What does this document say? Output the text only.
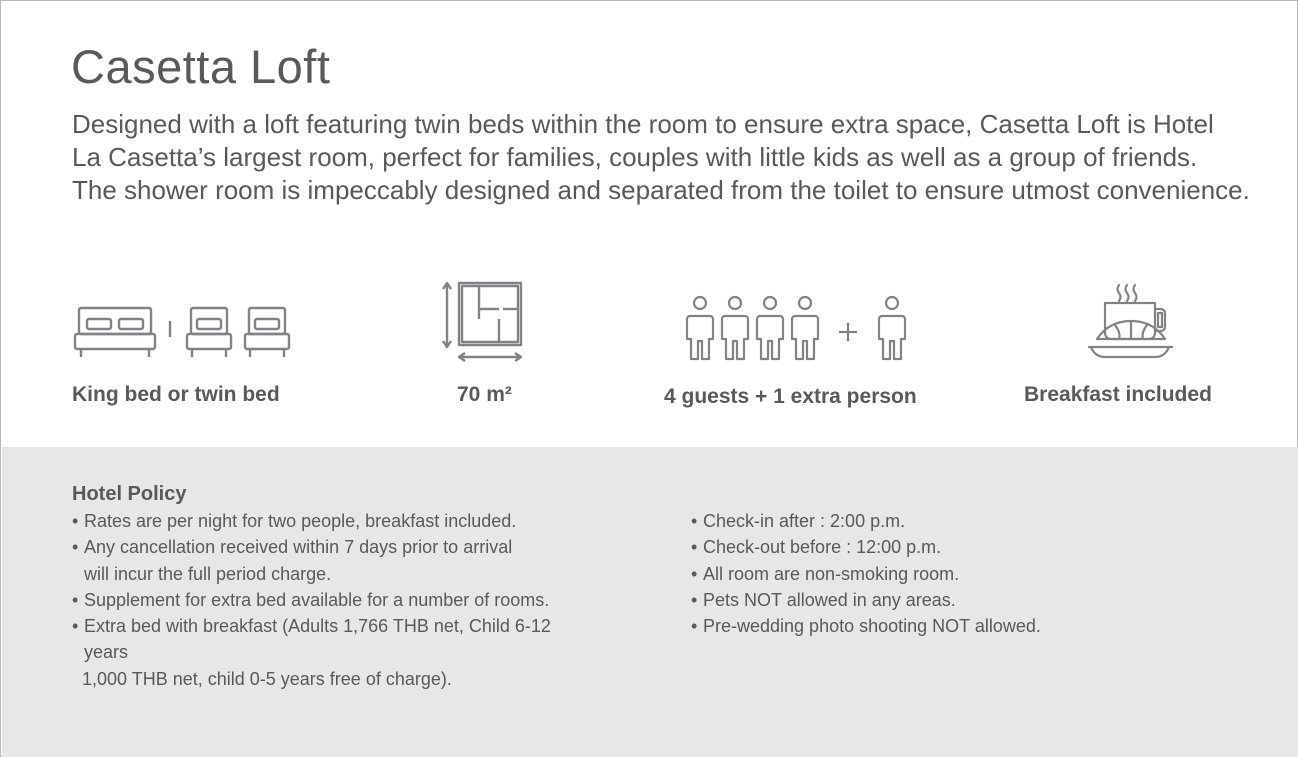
Casetta Loft

Designed with a loft featuring twin beds within the room to ensure extra space, Casetta Loft is Hotel
La Casetta’s largest room, perfect for families, couples with little kids as well as a group of friends.
The shower room is impeccably designed and separated from the toilet to ensure utmost convenience.

King bed or twin bed	70 m²	4 guests + 1 extra person	Breakfast included
Hotel Policy
• Rates are per night for two people, breakfast included.
• Any cancellation received within 7 days prior to arrival
will incur the full period charge.
• Supplement for extra bed available for a number of rooms.
• Extra bed with breakfast (Adults 1,766 THB net, Child 6-12
years
1,000 THB net, child 0-5 years free of charge).
• Check-in after : 2:00 p.m.
• Check-out before : 12:00 p.m.
• All room are non-smoking room.
• Pets NOT allowed in any areas.
• Pre-wedding photo shooting NOT allowed.
